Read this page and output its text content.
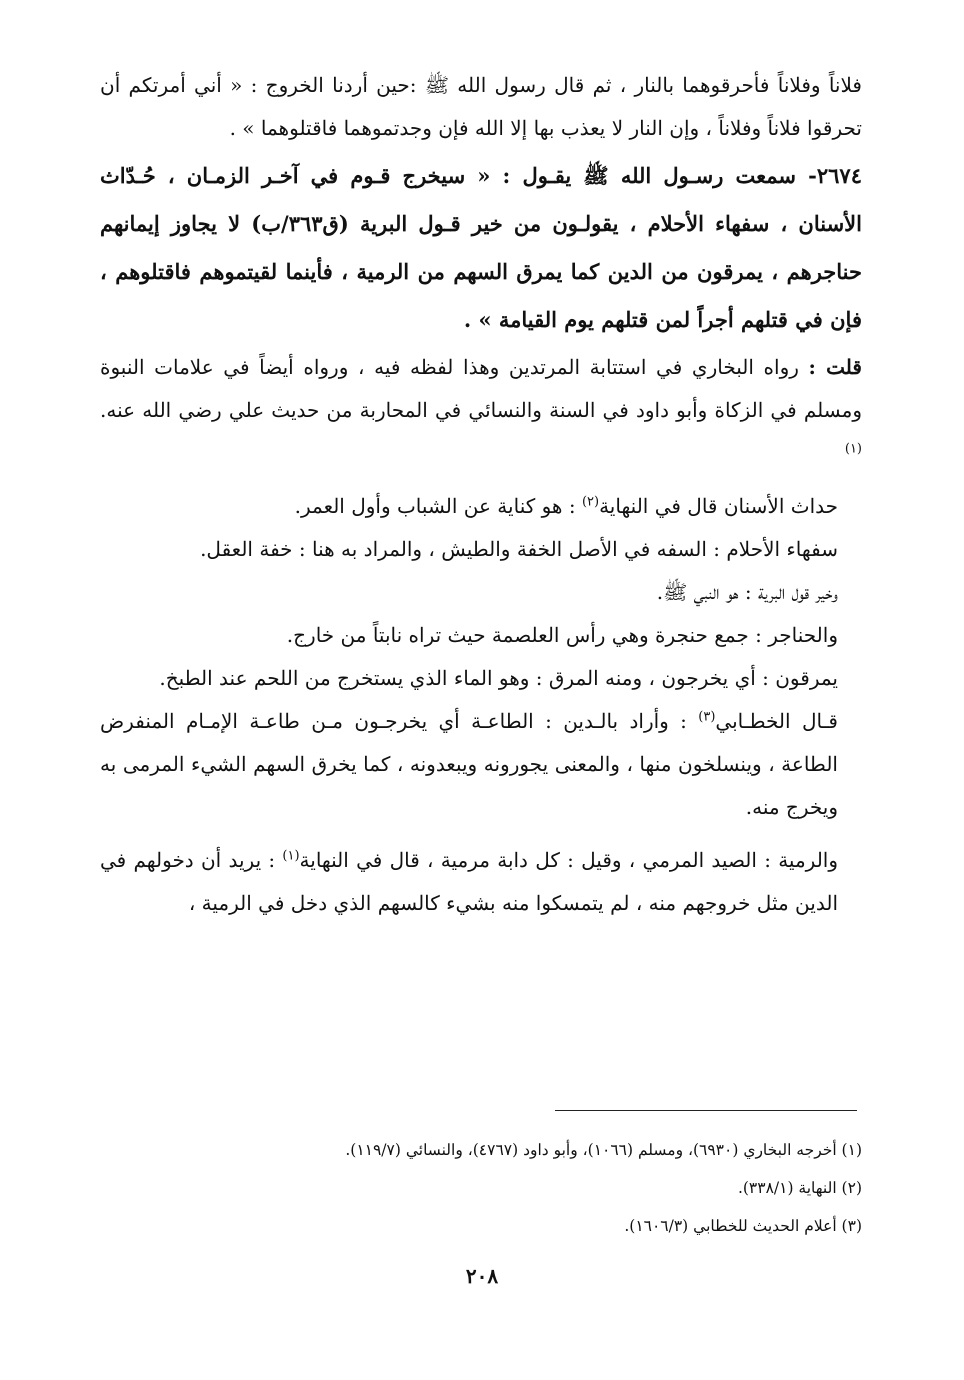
فلاناً وفلاناً فأحرقوهما بالنار ، ثم قال رسول الله ﷺ :حين أردنا الخروج : « أني أمرتكم أن تحرقوا فلاناً وفلاناً ، وإن النار لا يعذب بها إلا الله فإن وجدتموهما فاقتلوهما » .

٢٦٧٤- سمعت رسـول الله ﷺ يقـول : « سيخرج قـوم في آخـر الزمـان ، حُـدّاث الأسنان ، سفهاء الأحلام ، يقولـون من خير قـول البرية (ق٣٦٣/ب) لا يجاوز إيمانهم حناجرهم ، يمرقون من الدين كما يمرق السهم من الرمية ، فأينما لقيتموهم فاقتلوهم ، فإن في قتلهم أجراً لمن قتلهم يوم القيامة » .

قلت : رواه البخاري في استتابة المرتدين وهذا لفظه فيه ، ورواه أيضاً في علامات النبوة ومسلم في الزكاة وأبو داود في السنة والنسائي في المحاربة من حديث علي رضي الله عنه.$^{(١)}$

حداث الأسنان قال في النهاية$^{(٢)}$ : هو كناية عن الشباب وأول العمر.

سفهاء الأحلام : السفه في الأصل الخفة والطيش ، والمراد به هنا : خفة العقل.

وخير قول البرية : هو النبي ﷺ.

والحناجر : جمع حنجرة وهي رأس العلصمة حيث تراه نابتاً من خارج.

يمرقون : أي يخرجون ، ومنه المرق : وهو الماء الذي يستخرج من اللحم عند الطبخ.

قـال الخطـابي$^{(٣)}$ : وأراد بالـدين : الطاعـة أي يخرجـون مـن طاعـة الإمـام المنفرض الطاعة ، وينسلخون منها ، والمعنى يجورونه ويبعدونه ، كما يخرق السهم الشيء المرمى به ويخرج منه.

والرمية : الصيد المرمي ، وقيل : كل دابة مرمية ، قال في النهاية$^{(١)}$ : يريد أن دخولهم في الدين مثل خروجهم منه ، لم يتمسكوا منه بشيء كالسهم الذي دخل في الرمية ،

(١) أخرجه البخاري (٦٩٣٠)، ومسلم (١٠٦٦)، وأبو داود (٤٧٦٧)، والنسائي (١١٩/٧).
(٢) النهاية (٣٣٨/١).
(٣) أعلام الحديث للخطابي (١٦٠٦/٣).
٢٠٨
